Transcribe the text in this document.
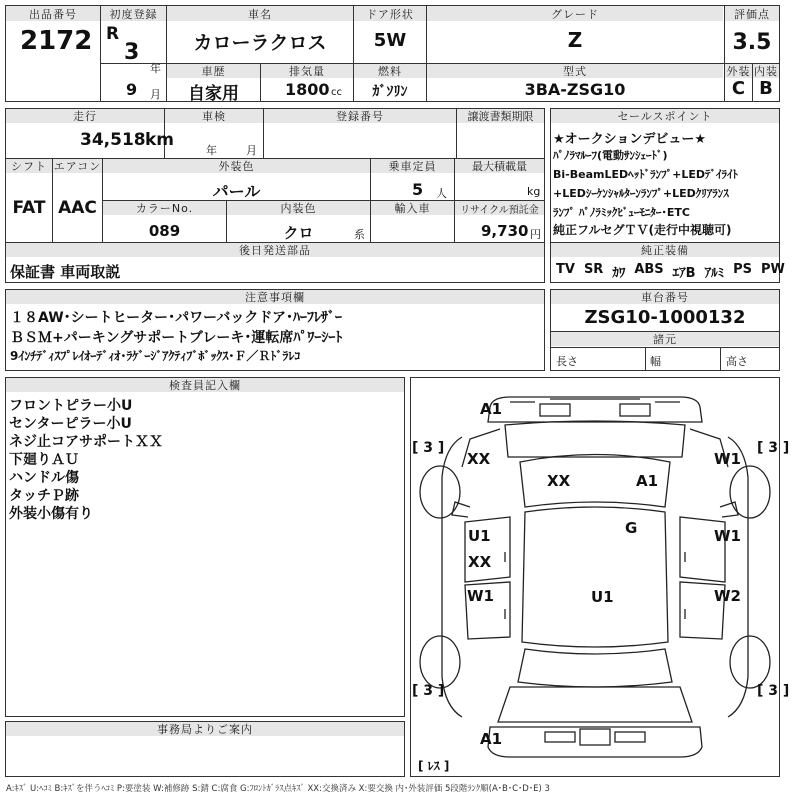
出品番号
2172
初度登録
R
3
年
9 月
車名
カローラクロス
ドア形状
5W
グレード
Z
評価点
3.5
外装 内装
C B
車歴
自家用
排気量
1800 cc
燃料
ｶﾞｿﾘﾝ
型式
3BA-ZSG10
走行
34,518 km
車検
年	月
登録番号	譲渡書類期限
シフト
FAT
エアコン
AAC
外装色
パール
乗車定員
5 人
最大積載量
kg
カラーNo.
089
内装色
クロ	系
輸入車	リサイクル預託金
9,730 円
後日発送部品
保証書 車両取説
セールスポイント
★オークションデビュー★
ﾊﾟﾉﾗﾏﾙｰﾌ(電動ｻﾝｼｪｰﾄﾞ)
Bi-BeamLEDﾍｯﾄﾞﾗﾝﾌﾟ+LEDﾃﾞｲﾗｲﾄ
+LEDｼｰｹﾝｼｬﾙﾀｰﾝﾗﾝﾌﾟ+LEDｸﾘｱﾗﾝｽ
ﾗﾝﾌﾟ ﾊﾟﾉﾗﾐｯｸﾋﾞｭｰﾓﾆﾀｰ･ETC
純正フルセグＴＶ(走行中視聴可)
純正装備
TV SR ｶﾜ ABS ｴｱB ｱﾙﾐ PS PW
注意事項欄
１８AW･シートヒーター･パワーバックドア･ﾊｰﾌﾚｻﾞｰ
ＢＳＭ+パーキングサポートブレーキ･運転席ﾊﾟﾜｰｼｰﾄ
9ｲﾝﾁﾃﾞｨｽﾌﾟﾚｲｵｰﾃﾞｨｵ･ﾗｹﾞｰｼﾞｱｸﾃｨﾌﾞﾎﾞｯｸｽ･Ｆ／Ｒﾄﾞﾗﾚｺ
車台番号
ZSG10-1000132
諸元
長さ	幅	高さ
検査員記入欄
フロントピラー小U
センターピラー小U
ネジ止コアサポートＸＸ
下廻りＡＵ
ハンドル傷
タッチＰ跡
外装小傷有り
A1
A1
[ 3 ]	[ 3 ]
[ 3 ]	[ 3 ]
[ ﾚｽ ]
XX	W1
XX	A1
G
U1
XX
W1
W1	U1	W2
事務局よりご案内
A:ｷｽﾞ U:ﾍｺﾐ B:ｷｽﾞを伴うﾍｺﾐ P:要塗装 W:補修跡 S:錆 C:腐食 G:ﾌﾛﾝﾄｶﾞﾗｽ点ｷｽﾞ XX:交換済み X:要交換 内･外装評価 5段階ﾗﾝｸ順(A･B･C･D･E) 3
